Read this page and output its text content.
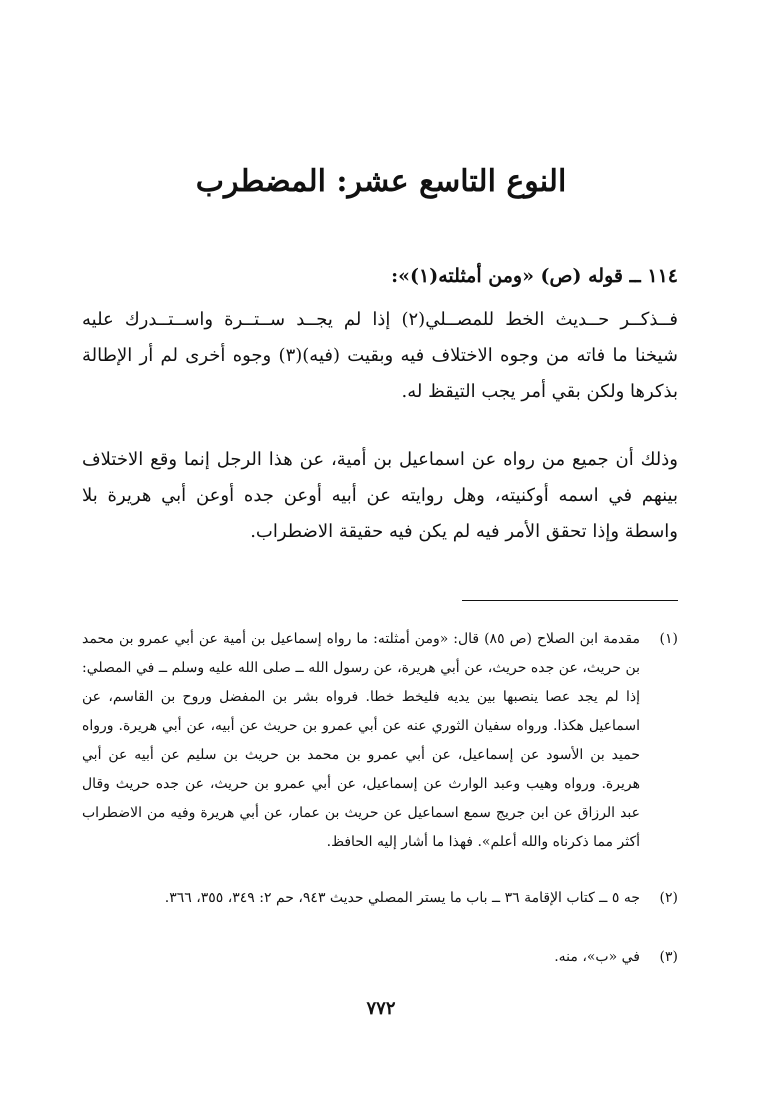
النوع التاسع عشر: المضطرب
١١٤ ــ قوله (ص) «ومن أمثلته(١)»:

فــذكــر حــديث الخط للمصــلي(٢) إذا لم يجــد ســتــرة واســتــدرك عليه شيخنا ما فاته من وجوه الاختلاف فيه وبقيت (فيه)(٣) وجوه أخرى لم أر الإطالة بذكرها ولكن بقي أمر يجب التيقظ له.

وذلك أن جميع من رواه عن اسماعيل بن أمية، عن هذا الرجل إنما وقع الاختلاف بينهم في اسمه أوكنيته، وهل روايته عن أبيه أوعن جده أوعن أبي هريرة بلا واسطة وإذا تحقق الأمر فيه لم يكن فيه حقيقة الاضطراب.

(١)
مقدمة ابن الصلاح (ص ٨٥) قال: «ومن أمثلته: ما رواه إسماعيل بن أمية عن أبي عمرو بن محمد بن حريث، عن جده حريث، عن أبي هريرة، عن رسول الله ــ صلى الله عليه وسلم ــ في المصلي: إذا لم يجد عصا ينصبها بين يديه فليخط خطا. فرواه بشر بن المفضل وروح بن القاسم، عن اسماعيل هكذا. ورواه سفيان الثوري عنه عن أبي عمرو بن حريث عن أبيه، عن أبي هريرة. ورواه حميد بن الأسود عن إسماعيل، عن أبي عمرو بن محمد بن حريث بن سليم عن أبيه عن أبي هريرة. ورواه وهيب وعبد الوارث عن إسماعيل، عن أبي عمرو بن حريث، عن جده حريث وقال عبد الرزاق عن ابن جريج سمع اسماعيل عن حريث بن عمار، عن أبي هريرة وفيه من الاضطراب أكثر مما ذكرناه والله أعلم». فهذا ما أشار إليه الحافظ.
(٢)
جه ٥ ــ كتاب الإقامة ٣٦ ــ باب ما يستر المصلي حديث ٩٤٣، حم ٢: ٣٤٩، ٣٥٥، ٣٦٦.
(٣)
في «ب»، منه.
٧٧٢
